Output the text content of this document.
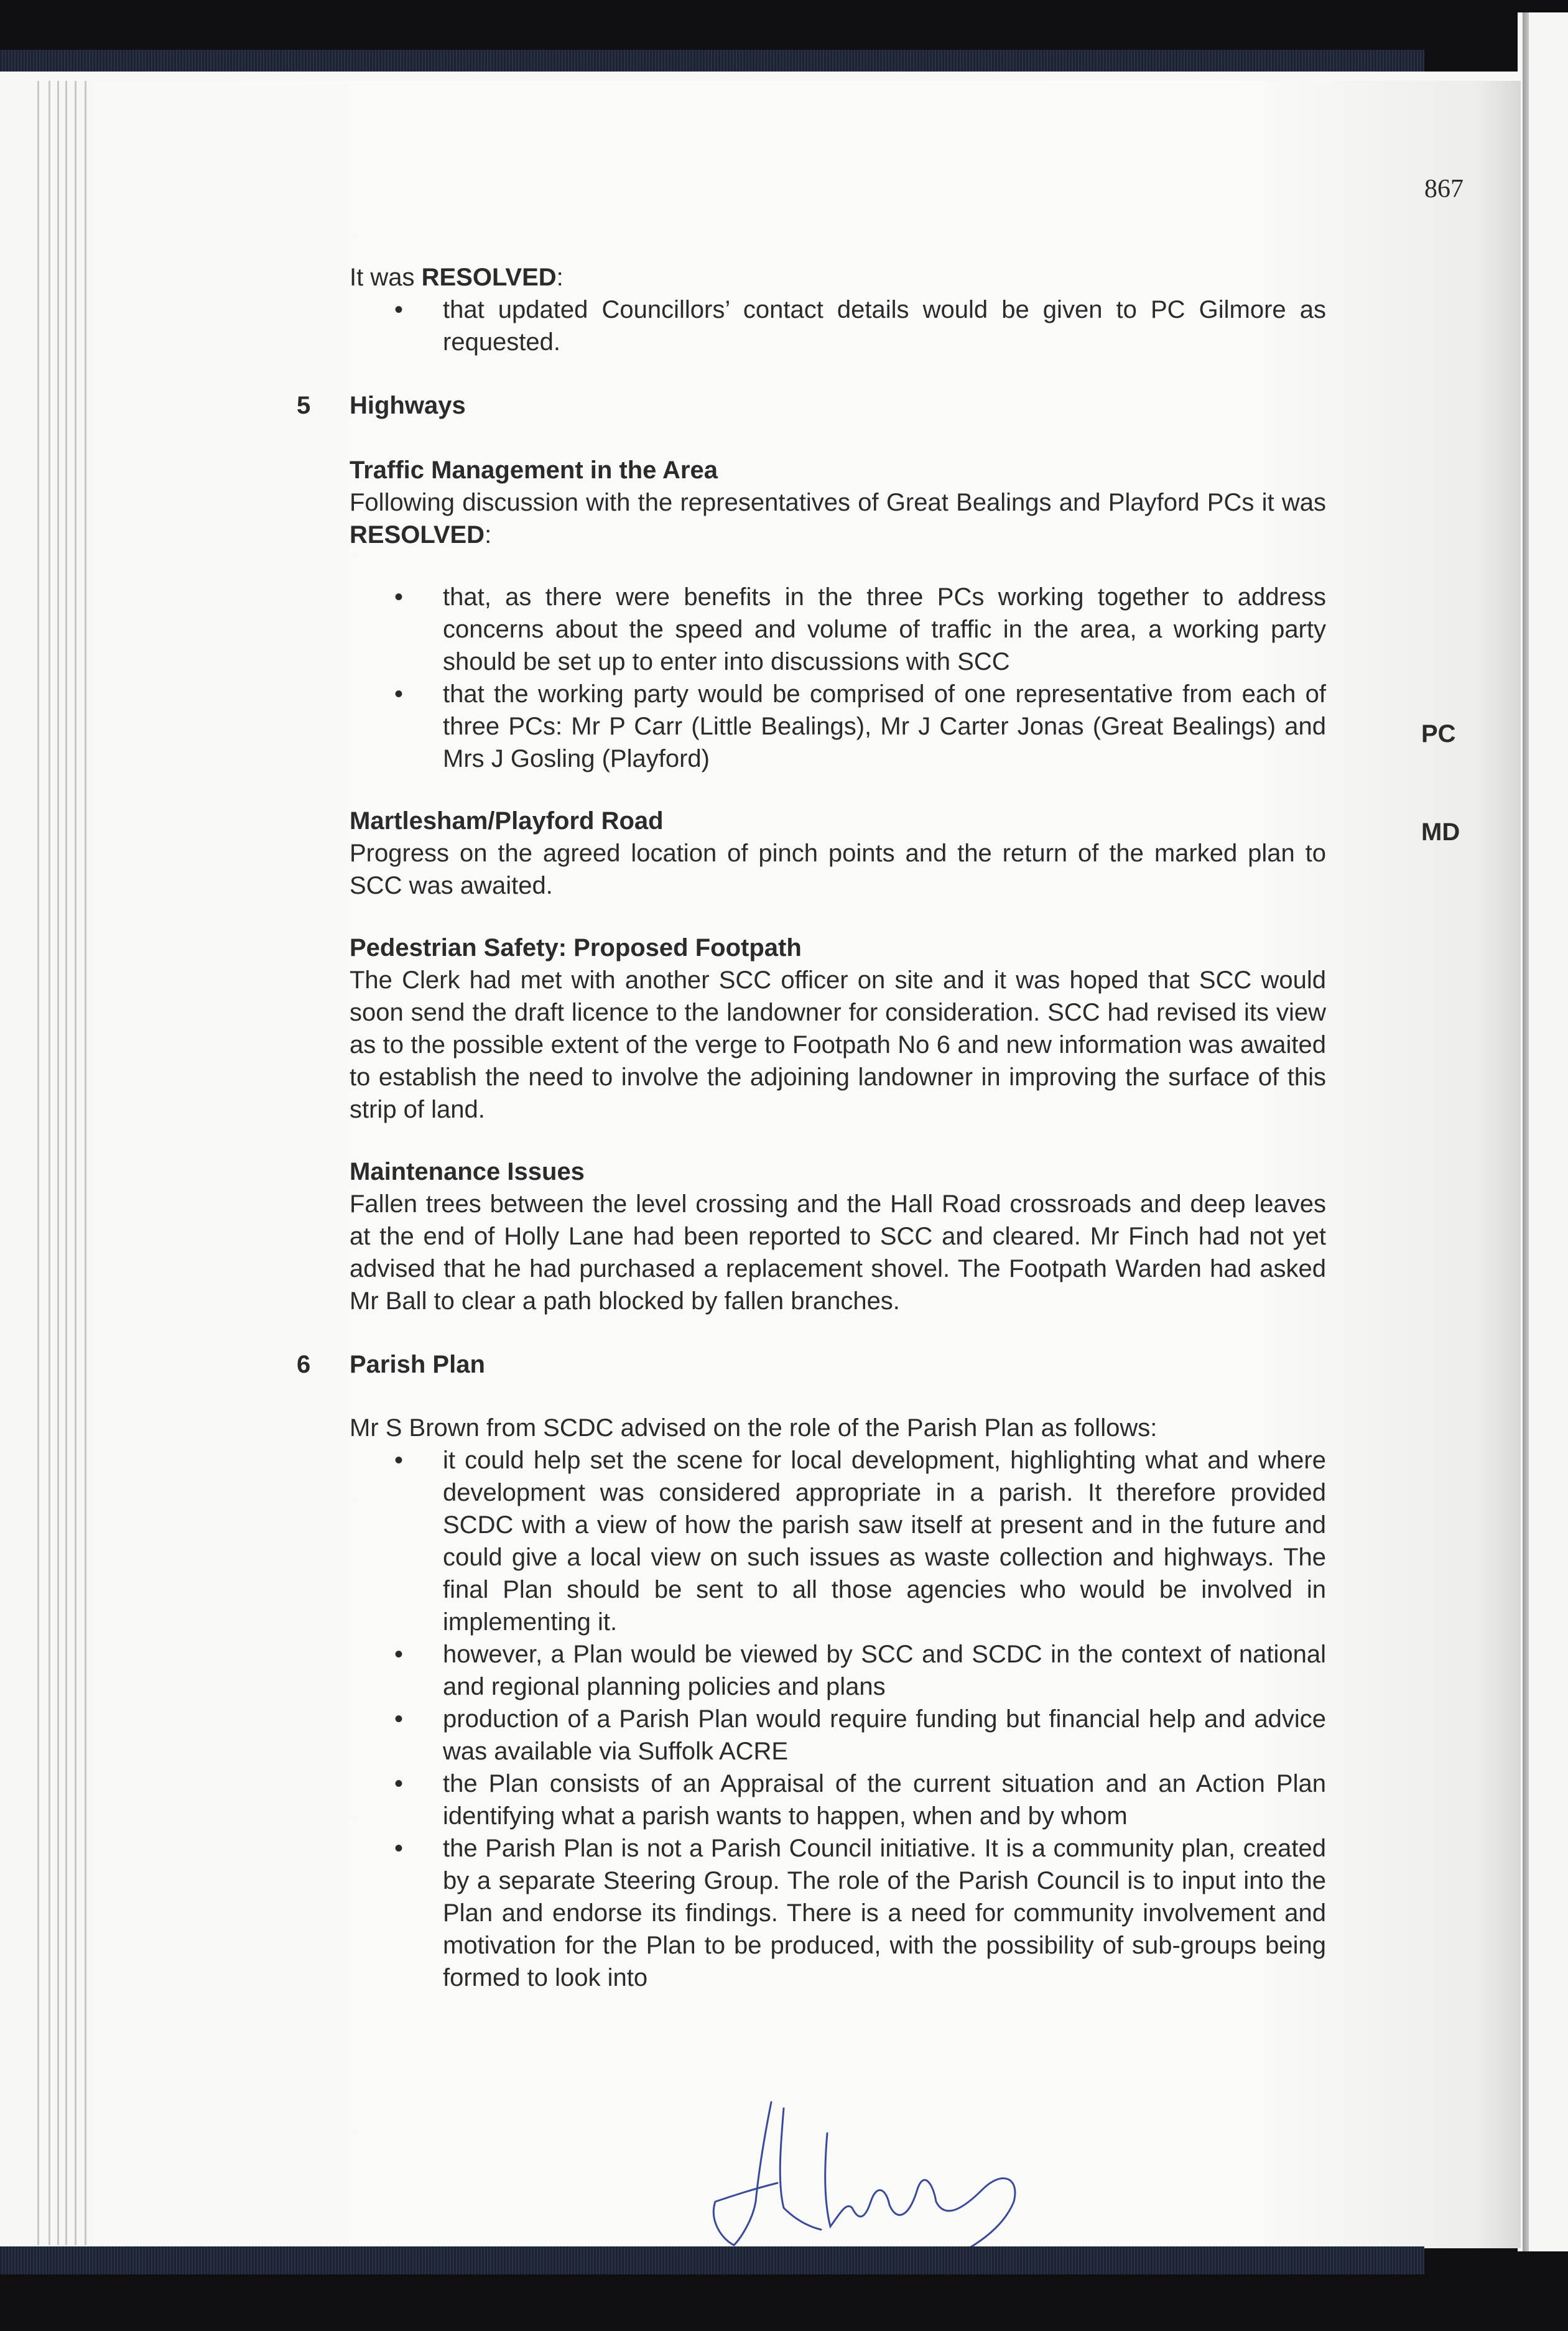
867
PC
MD

It was RESOLVED:

• that updated Councillors’ contact details would be given to PC Gilmore as requested.

5 Highways

Traffic Management in the Area

Following discussion with the representatives of Great Bealings and Playford PCs it was RESOLVED:

• that, as there were benefits in the three PCs working together to address concerns about the speed and volume of traffic in the area, a working party should be set up to enter into discussions with SCC
• that the working party would be comprised of one representative from each of three PCs: Mr P Carr (Little Bealings), Mr J Carter Jonas (Great Bealings) and Mrs J Gosling (Playford)

Martlesham/Playford Road

Progress on the agreed location of pinch points and the return of the marked plan to SCC was awaited.

Pedestrian Safety: Proposed Footpath

The Clerk had met with another SCC officer on site and it was hoped that SCC would soon send the draft licence to the landowner for consideration. SCC had revised its view as to the possible extent of the verge to Footpath No 6 and new information was awaited to establish the need to involve the adjoining landowner in improving the surface of this strip of land.

Maintenance Issues

Fallen trees between the level crossing and the Hall Road crossroads and deep leaves at the end of Holly Lane had been reported to SCC and cleared. Mr Finch had not yet advised that he had purchased a replacement shovel. The Footpath Warden had asked Mr Ball to clear a path blocked by fallen branches.

6 Parish Plan

Mr S Brown from SCDC advised on the role of the Parish Plan as follows:

• it could help set the scene for local development, highlighting what and where development was considered appropriate in a parish. It therefore provided SCDC with a view of how the parish saw itself at present and in the future and could give a local view on such issues as waste collection and highways. The final Plan should be sent to all those agencies who would be involved in implementing it.
• however, a Plan would be viewed by SCC and SCDC in the context of national and regional planning policies and plans
• production of a Parish Plan would require funding but financial help and advice was available via Suffolk ACRE
• the Plan consists of an Appraisal of the current situation and an Action Plan identifying what a parish wants to happen, when and by whom
• the Parish Plan is not a Parish Council initiative. It is a community plan, created by a separate Steering Group. The role of the Parish Council is to input into the Plan and endorse its findings. There is a need for community involvement and motivation for the Plan to be produced, with the possibility of sub-groups being formed to look into
